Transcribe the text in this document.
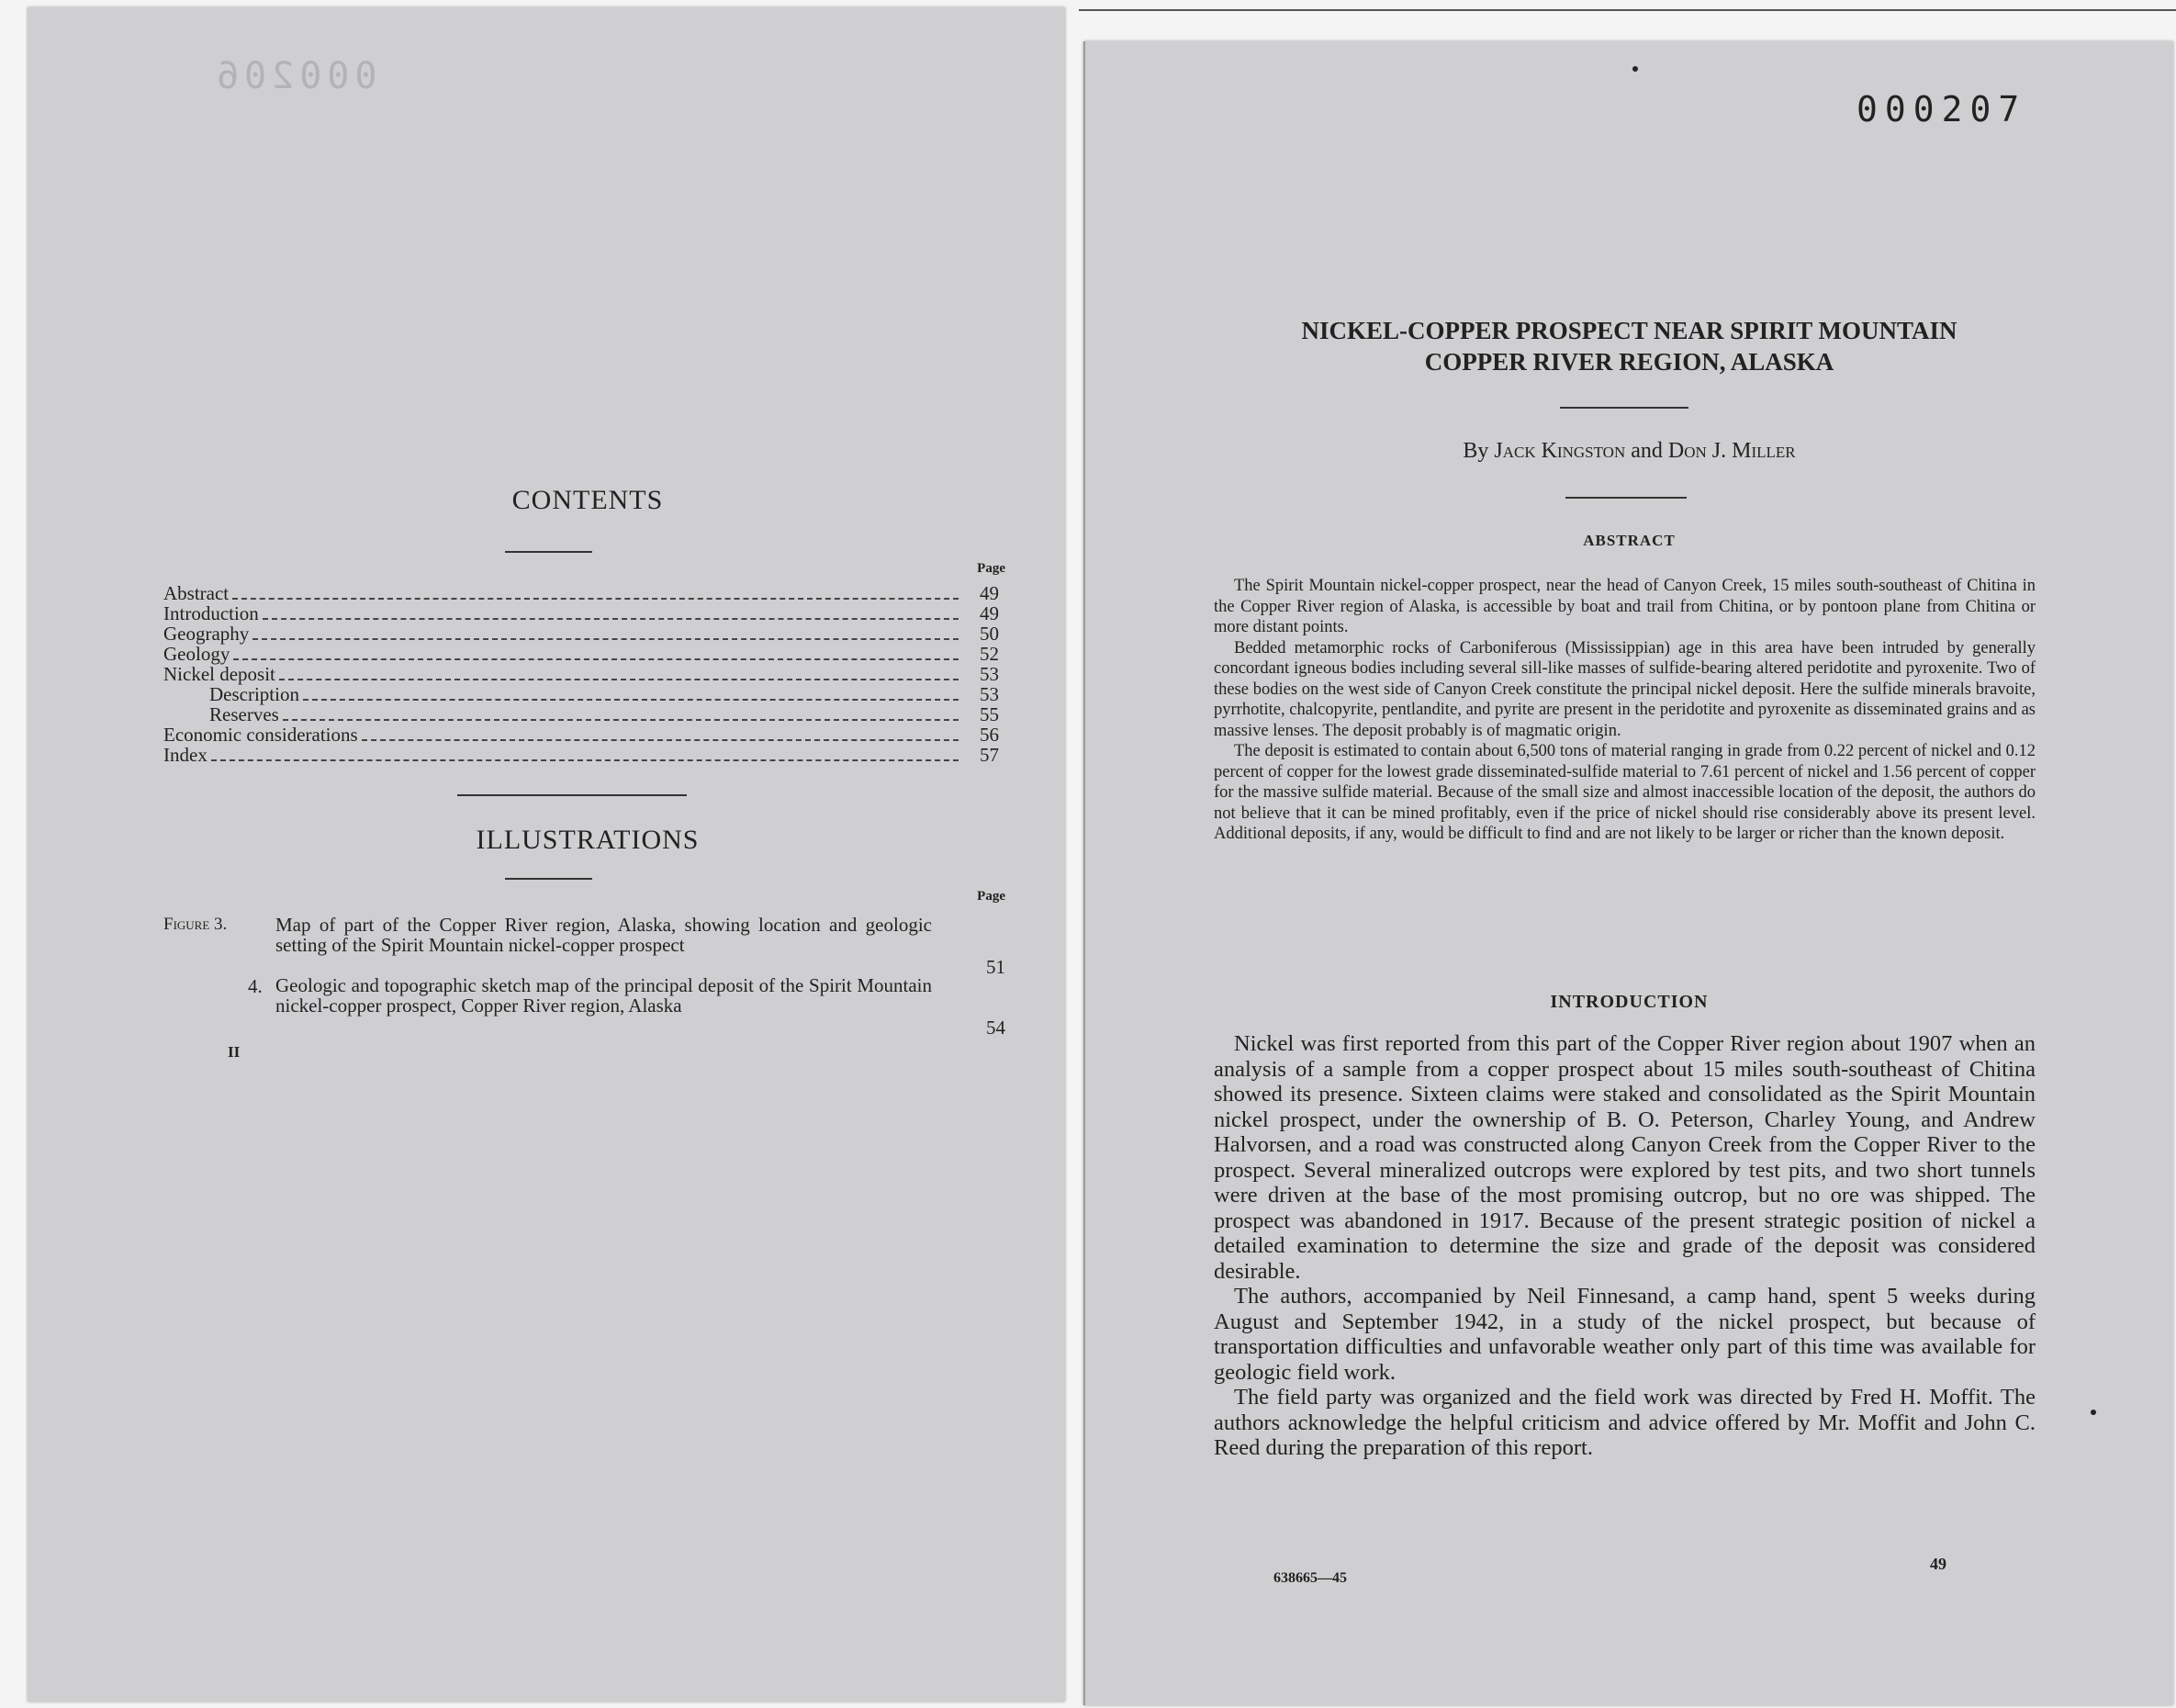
000206
CONTENTS
Page
Abstract	49
Introduction	49
Geography	50
Geology	52
Nickel deposit	53
Description	53
Reserves	55
Economic considerations	56
Index	57
ILLUSTRATIONS
Page
Figure 3.	Map of part of the Copper River region, Alaska, showing location and geologic setting of the Spirit Mountain nickel-copper prospect
51
4. Geologic and topographic sketch map of the principal deposit of the Spirit Mountain nickel-copper prospect, Copper River region, Alaska
54
II
000207
NICKEL-COPPER PROSPECT NEAR SPIRIT MOUNTAIN
COPPER RIVER REGION, ALASKA
By Jack Kingston and Don J. Miller
ABSTRACT

The Spirit Mountain nickel-copper prospect, near the head of Canyon Creek, 15 miles south-southeast of Chitina in the Copper River region of Alaska, is accessible by boat and trail from Chitina, or by pontoon plane from Chitina or more distant points.

Bedded metamorphic rocks of Carboniferous (Mississippian) age in this area have been intruded by generally concordant igneous bodies including several sill-like masses of sulfide-bearing altered peridotite and pyroxenite. Two of these bodies on the west side of Canyon Creek constitute the principal nickel deposit. Here the sulfide minerals bravoite, pyrrhotite, chalcopyrite, pentlandite, and pyrite are present in the peridotite and pyroxenite as disseminated grains and as massive lenses. The deposit probably is of magmatic origin.

The deposit is estimated to contain about 6,500 tons of material ranging in grade from 0.22 percent of nickel and 0.12 percent of copper for the lowest grade disseminated-sulfide material to 7.61 percent of nickel and 1.56 percent of copper for the massive sulfide material. Because of the small size and almost inaccessible location of the deposit, the authors do not believe that it can be mined profitably, even if the price of nickel should rise considerably above its present level. Additional deposits, if any, would be difficult to find and are not likely to be larger or richer than the known deposit.

INTRODUCTION

Nickel was first reported from this part of the Copper River region about 1907 when an analysis of a sample from a copper prospect about 15 miles south-southeast of Chitina showed its presence. Sixteen claims were staked and consolidated as the Spirit Mountain nickel prospect, under the ownership of B. O. Peterson, Charley Young, and Andrew Halvorsen, and a road was constructed along Canyon Creek from the Copper River to the prospect. Several mineralized outcrops were explored by test pits, and two short tunnels were driven at the base of the most promising outcrop, but no ore was shipped. The prospect was abandoned in 1917. Because of the present strategic position of nickel a detailed examination to determine the size and grade of the deposit was considered desirable.

The authors, accompanied by Neil Finnesand, a camp hand, spent 5 weeks during August and September 1942, in a study of the nickel prospect, but because of transportation difficulties and unfavorable weather only part of this time was available for geologic field work.

The field party was organized and the field work was directed by Fred H. Moffit. The authors acknowledge the helpful criticism and advice offered by Mr. Moffit and John C. Reed during the preparation of this report.

638665—45
49
